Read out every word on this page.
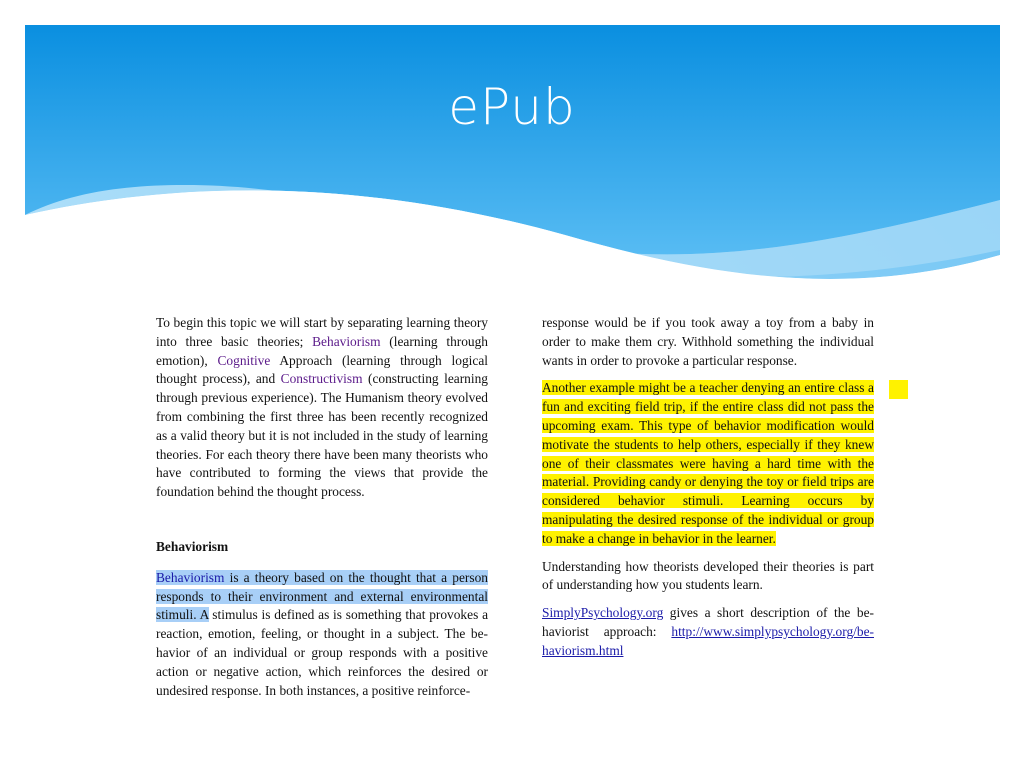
ePub

To begin this topic we will start by separating learning theory into three basic theories; Behaviorism (learning through emotion), Cognitive Approach (learning through logical thought process), and Constructivism (constructing learning through previous experience). The Humanism theory evolved from combining the first three has been recently recognized as a valid theory but it is not included in the study of learning theories. For each theory there have been many theorists who have contributed to forming the views that provide the foundation behind the thought process.

Behaviorism

Behaviorism is a theory based on the thought that a person responds to their environment and external environmental stimuli. A stimulus is defined as is something that provokes a reaction, emotion, feeling, or thought in a subject. The behavior of an individual or group responds with a positive action or negative action, which reinforces the desired or undesired response. In both instances, a positive reinforce-

response would be if you took away a toy from a baby in order to make them cry. Withhold something the individual wants in order to provoke a particular response.

Another example might be a teacher denying an entire class a fun and exciting field trip, if the entire class did not pass the upcoming exam. This type of behavior modification would motivate the students to help others, especially if they knew one of their classmates were having a hard time with the material. Providing candy or denying the toy or field trips are considered behavior stimuli. Learning occurs by manipulating the desired response of the individual or group to make a change in behavior in the learner.

Understanding how theorists developed their theories is part of understanding how you students learn.

SimplyPsychology.org gives a short description of the behaviorist approach: http://www.simplypsychology.org/behaviorism.html
